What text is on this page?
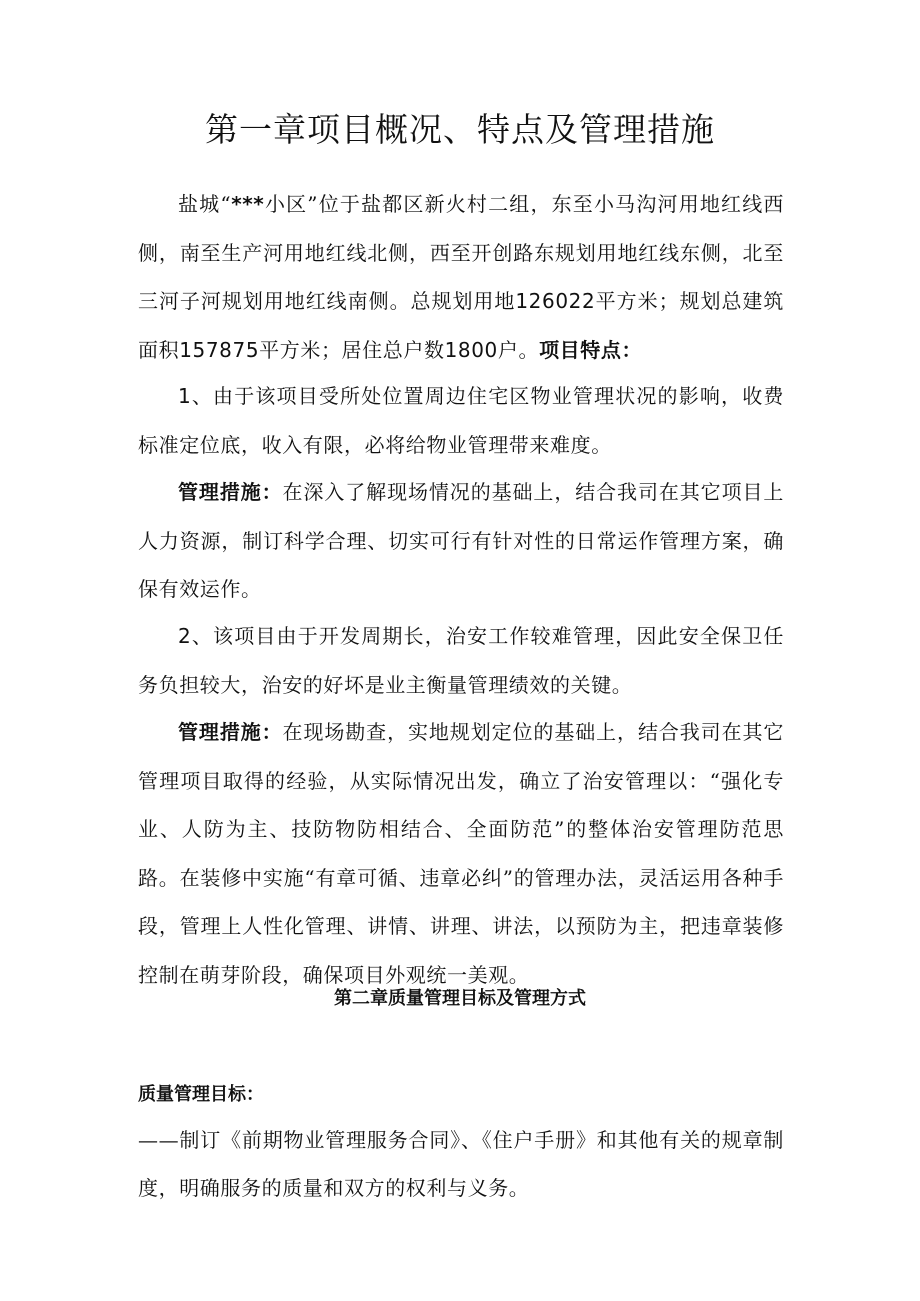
第一章项目概况、特点及管理措施

盐城“***小区”位于盐都区新火村二组，东至小马沟河用地红线西侧，南至生产河用地红线北侧，西至开创路东规划用地红线东侧，北至三河子河规划用地红线南侧。总规划用地126022平方米；规划总建筑面积157875平方米；居住总户数1800户。项目特点：

1、由于该项目受所处位置周边住宅区物业管理状况的影响，收费标准定位底，收入有限，必将给物业管理带来难度。

管理措施：在深入了解现场情况的基础上，结合我司在其它项目上人力资源，制订科学合理、切实可行有针对性的日常运作管理方案，确保有效运作。

2、该项目由于开发周期长，治安工作较难管理，因此安全保卫任务负担较大，治安的好坏是业主衡量管理绩效的关键。

管理措施：在现场勘查，实地规划定位的基础上，结合我司在其它管理项目取得的经验，从实际情况出发，确立了治安管理以：“强化专业、人防为主、技防物防相结合、全面防范”的整体治安管理防范思路。在装修中实施“有章可循、违章必纠”的管理办法，灵活运用各种手段，管理上人性化管理、讲情、讲理、讲法，以预防为主，把违章装修控制在萌芽阶段，确保项目外观统一美观。

第二章质量管理目标及管理方式
质量管理目标：

——制订《前期物业管理服务合同》、《住户手册》和其他有关的规章制度，明确服务的质量和双方的权利与义务。
